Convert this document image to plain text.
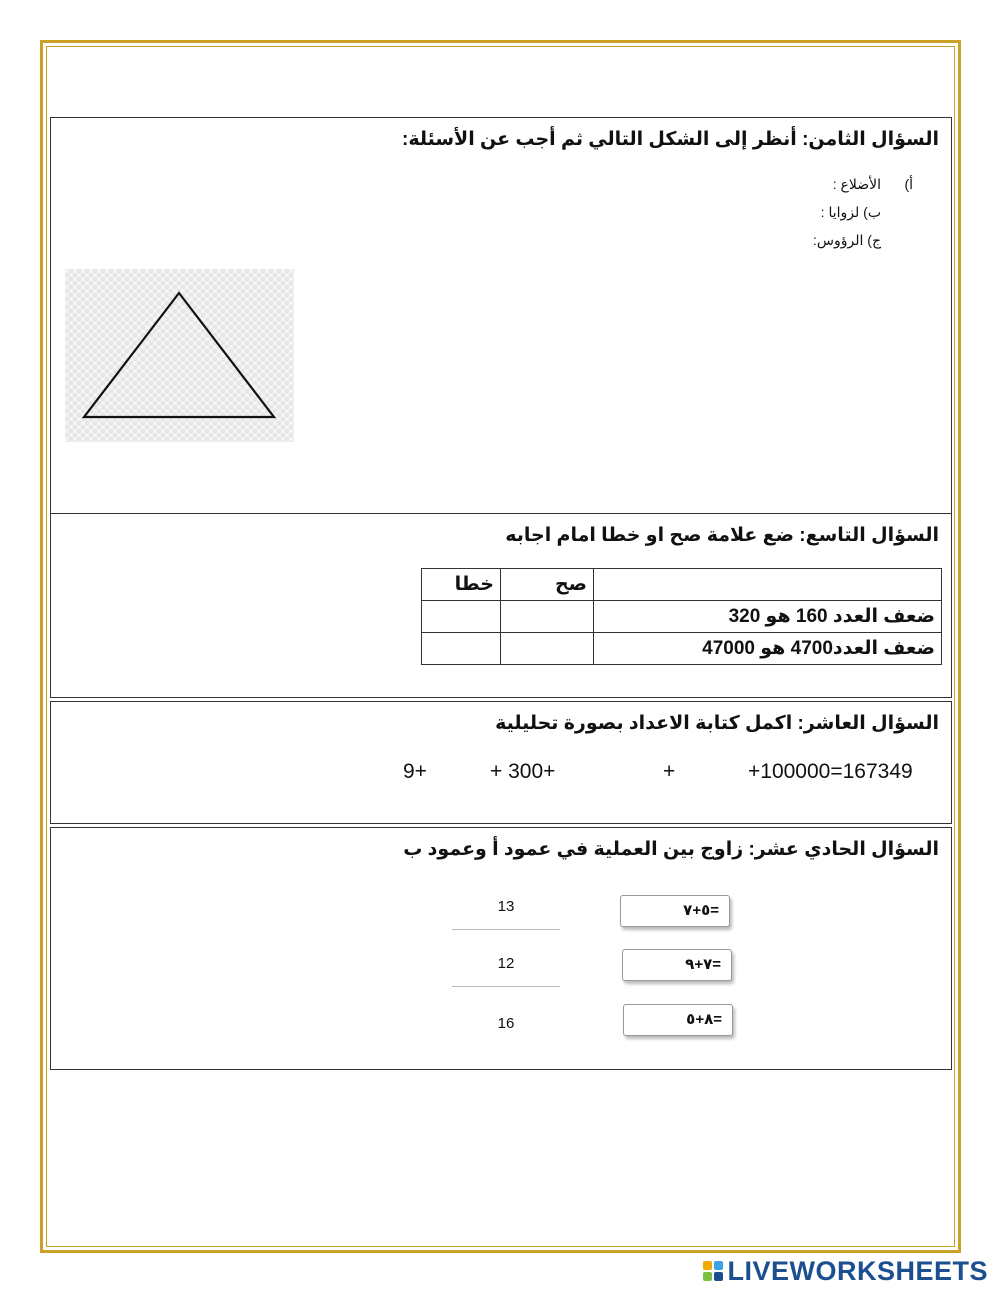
السؤال الثامن: أنظر إلى الشكل التالي ثم أجب عن الأسئلة:
أ)
الأضلاع :
ب) لزوايا :
ج) الرؤوس:
السؤال التاسع: ضع علامة صح او خطا امام اجابه
	صح	خطا
ضعف العدد 160 هو 320		
ضعف العدد4700 هو 47000		
السؤال العاشر: اكمل كتابة الاعداد بصورة تحليلية
9+	+ 300+	+	+100000=167349
السؤال الحادي عشر: زاوج بين العملية في عمود أ وعمود ب
13
12
16
=٥+٧
=٧+٩
=٨+٥
LIVEWORKSHEETS
